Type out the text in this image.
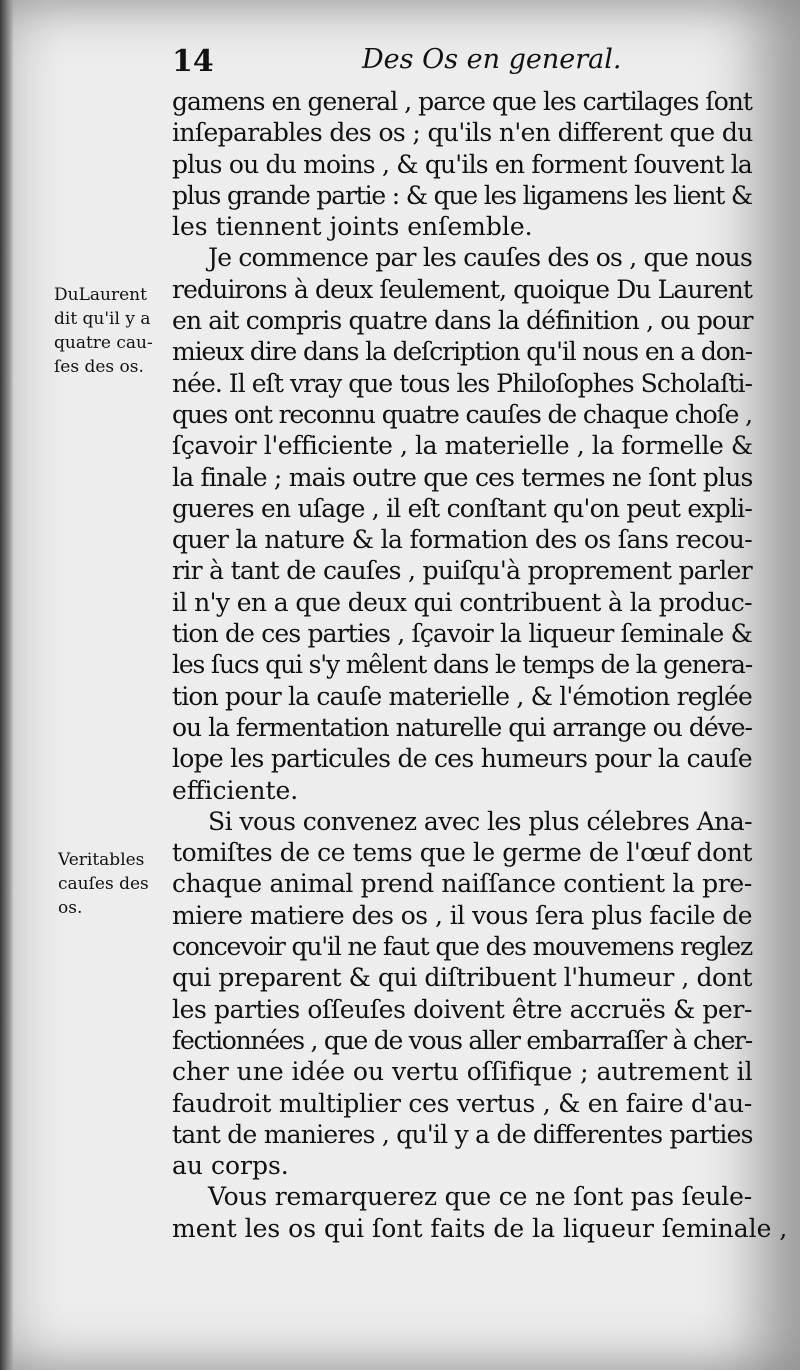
14	Des Os en general.
DuLaurent
dit qu'il y a
quatre cau-
ſes des os.
Veritables
cauſes des
os.

gamens en general , parce que les cartilages ſont
inſeparables des os ; qu'ils n'en different que du
plus ou du moins , & qu'ils en forment ſouvent la
plus grande partie : & que les ligamens les lient &
les tiennent joints enſemble.

Je commence par les cauſes des os , que nous
reduirons à deux ſeulement, quoique Du Laurent
en ait compris quatre dans la définition , ou pour
mieux dire dans la deſcription qu'il nous en a don-
née. Il eſt vray que tous les Philoſophes Scholaſti-
ques ont reconnu quatre cauſes de chaque choſe ,
ſçavoir l'efficiente , la materielle , la formelle &
la finale ; mais outre que ces termes ne ſont plus
gueres en uſage , il eſt conſtant qu'on peut expli-
quer la nature & la formation des os ſans recou-
rir à tant de cauſes , puiſqu'à proprement parler
il n'y en a que deux qui contribuent à la produc-
tion de ces parties , ſçavoir la liqueur ſeminale &
les ſucs qui s'y mêlent dans le temps de la genera-
tion pour la cauſe materielle , & l'émotion reglée
ou la fermentation naturelle qui arrange ou déve-
lope les particules de ces humeurs pour la cauſe
efficiente.

Si vous convenez avec les plus célebres Ana-
tomiſtes de ce tems que le germe de l'œuf dont
chaque animal prend naiſſance contient la pre-
miere matiere des os , il vous ſera plus facile de
concevoir qu'il ne faut que des mouvemens reglez
qui preparent & qui diſtribuent l'humeur , dont
les parties oſſeuſes doivent être accruës & per-
fectionnées , que de vous aller embarraſſer à cher-
cher une idée ou vertu oſſifique ; autrement il
faudroit multiplier ces vertus , & en faire d'au-
tant de manieres , qu'il y a de differentes parties
au corps.

Vous remarquerez que ce ne ſont pas ſeule-
ment les os qui ſont faits de la liqueur ſeminale ,
